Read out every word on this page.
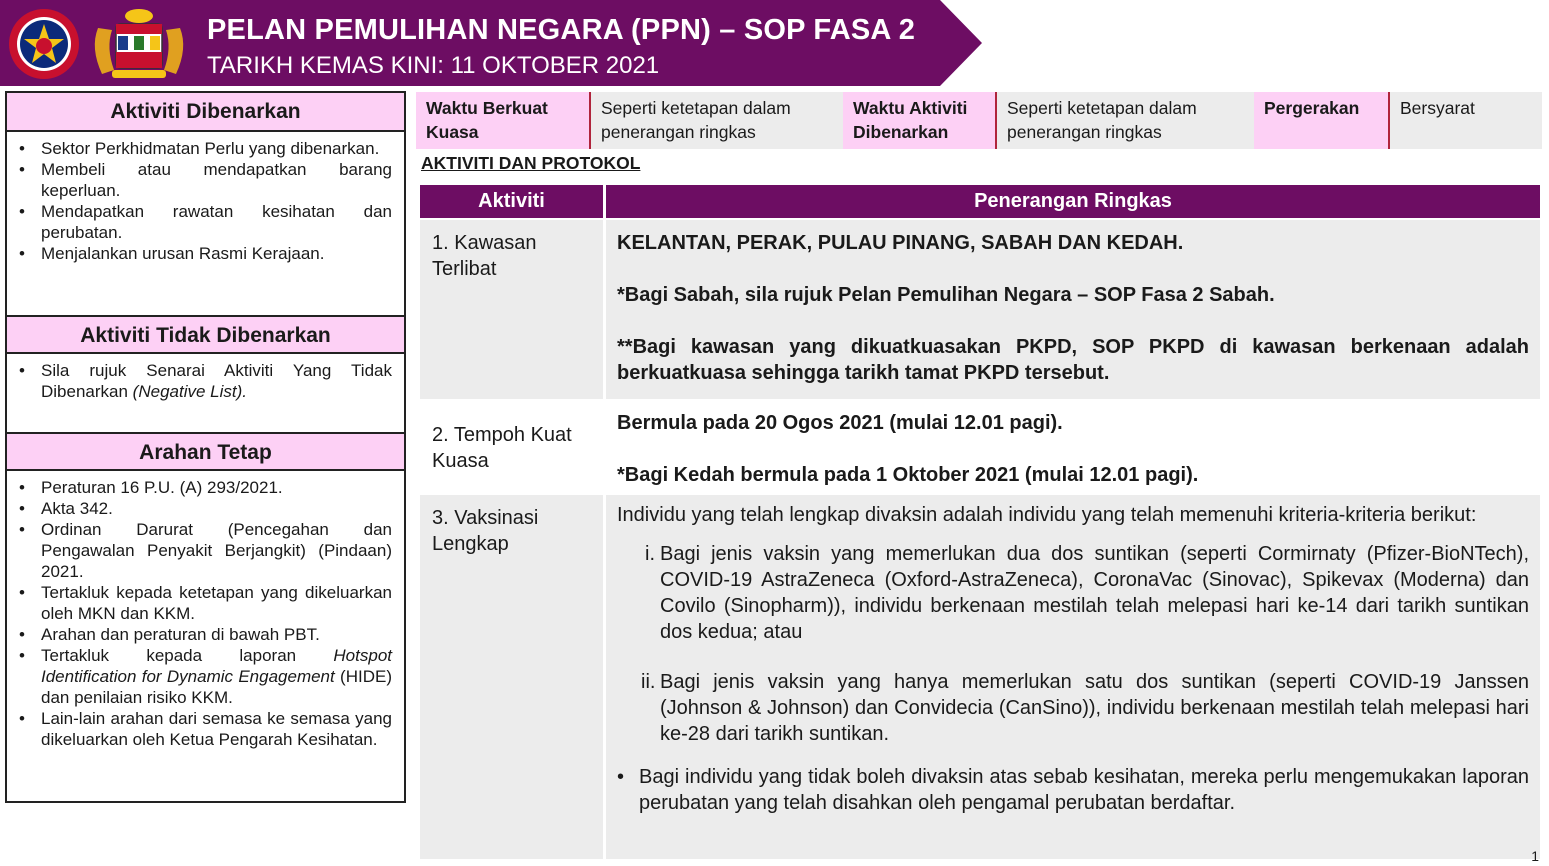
PELAN PEMULIHAN NEGARA (PPN) – SOP FASA 2
TARIKH KEMAS KINI: 11 OKTOBER 2021
Aktiviti Dibenarkan
• Sektor Perkhidmatan Perlu yang dibenarkan.
• Membeli atau mendapatkan barang keperluan.
• Mendapatkan rawatan kesihatan dan perubatan.
• Menjalankan urusan Rasmi Kerajaan.
Aktiviti Tidak Dibenarkan
• Sila rujuk Senarai Aktiviti Yang Tidak Dibenarkan (Negative List).
Arahan Tetap
• Peraturan 16 P.U. (A) 293/2021.
• Akta 342.
• Ordinan Darurat (Pencegahan dan Pengawalan Penyakit Berjangkit) (Pindaan) 2021.
• Tertakluk kepada ketetapan yang dikeluarkan oleh MKN dan KKM.
• Arahan dan peraturan di bawah PBT.
• Tertakluk kepada laporan Hotspot Identification for Dynamic Engagement (HIDE) dan penilaian risiko KKM.
• Lain-lain arahan dari semasa ke semasa yang dikeluarkan oleh Ketua Pengarah Kesihatan.
Waktu Berkuat Kuasa
Seperti ketetapan dalam penerangan ringkas
Waktu Aktiviti Dibenarkan
Seperti ketetapan dalam penerangan ringkas
Pergerakan	Bersyarat
AKTIVITI DAN PROTOKOL
Aktiviti	Penerangan Ringkas
1. Kawasan Terlibat
KELANTAN, PERAK, PULAU PINANG, SABAH DAN KEDAH.
*Bagi Sabah, sila rujuk Pelan Pemulihan Negara – SOP Fasa 2 Sabah.
**Bagi kawasan yang dikuatkuasakan PKPD, SOP PKPD di kawasan berkenaan adalah berkuatkuasa sehingga tarikh tamat PKPD tersebut.
2. Tempoh Kuat Kuasa
Bermula pada 20 Ogos 2021 (mulai 12.01 pagi).
*Bagi Kedah bermula pada 1 Oktober 2021 (mulai 12.01 pagi).
3. Vaksinasi Lengkap
Individu yang telah lengkap divaksin adalah individu yang telah memenuhi kriteria-kriteria berikut:
i. Bagi jenis vaksin yang memerlukan dua dos suntikan (seperti Cormirnaty (Pfizer-BioNTech), COVID-19 AstraZeneca (Oxford-AstraZeneca), CoronaVac (Sinovac), Spikevax (Moderna) dan Covilo (Sinopharm)), individu berkenaan mestilah telah melepasi hari ke-14 dari tarikh suntikan dos kedua; atau
ii. Bagi jenis vaksin yang hanya memerlukan satu dos suntikan (seperti COVID-19 Janssen (Johnson & Johnson) dan Convidecia (CanSino)), individu berkenaan mestilah telah melepasi hari ke-28 dari tarikh suntikan.
• Bagi individu yang tidak boleh divaksin atas sebab kesihatan, mereka perlu mengemukakan laporan perubatan yang telah disahkan oleh pengamal perubatan berdaftar.
1
